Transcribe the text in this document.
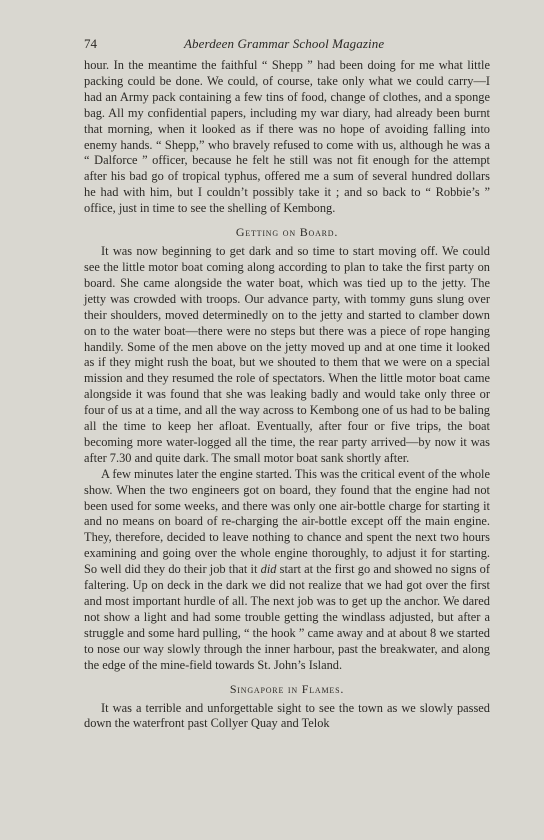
74	Aberdeen Grammar School Magazine

hour. In the meantime the faithful “ Shepp ” had been doing for me what little packing could be done. We could, of course, take only what we could carry—I had an Army pack containing a few tins of food, change of clothes, and a sponge bag. All my confidential papers, including my war diary, had already been burnt that morning, when it looked as if there was no hope of avoiding falling into enemy hands. “ Shepp,” who bravely refused to come with us, although he was a “ Dalforce ” officer, because he felt he still was not fit enough for the attempt after his bad go of tropical typhus, offered me a sum of several hundred dollars he had with him, but I couldn’t possibly take it ; and so back to “ Robbie’s ” office, just in time to see the shelling of Kembong.

Getting on Board.

It was now beginning to get dark and so time to start moving off. We could see the little motor boat coming along according to plan to take the first party on board. She came alongside the water boat, which was tied up to the jetty. The jetty was crowded with troops. Our advance party, with tommy guns slung over their shoulders, moved determinedly on to the jetty and started to clamber down on to the water boat—there were no steps but there was a piece of rope hanging handily. Some of the men above on the jetty moved up and at one time it looked as if they might rush the boat, but we shouted to them that we were on a special mission and they resumed the role of spectators. When the little motor boat came alongside it was found that she was leaking badly and would take only three or four of us at a time, and all the way across to Kembong one of us had to be baling all the time to keep her afloat. Eventually, after four or five trips, the boat becoming more water-logged all the time, the rear party arrived—by now it was after 7.30 and quite dark. The small motor boat sank shortly after.

A few minutes later the engine started. This was the critical event of the whole show. When the two engineers got on board, they found that the engine had not been used for some weeks, and there was only one air-bottle charge for starting it and no means on board of re-charging the air-bottle except off the main engine. They, therefore, decided to leave nothing to chance and spent the next two hours examining and going over the whole engine thoroughly, to adjust it for starting. So well did they do their job that it did start at the first go and showed no signs of faltering. Up on deck in the dark we did not realize that we had got over the first and most important hurdle of all. The next job was to get up the anchor. We dared not show a light and had some trouble getting the windlass adjusted, but after a struggle and some hard pulling, “ the hook ” came away and at about 8 we started to nose our way slowly through the inner harbour, past the breakwater, and along the edge of the mine-field towards St. John’s Island.

Singapore in Flames.

It was a terrible and unforgettable sight to see the town as we slowly passed down the waterfront past Collyer Quay and Telok
